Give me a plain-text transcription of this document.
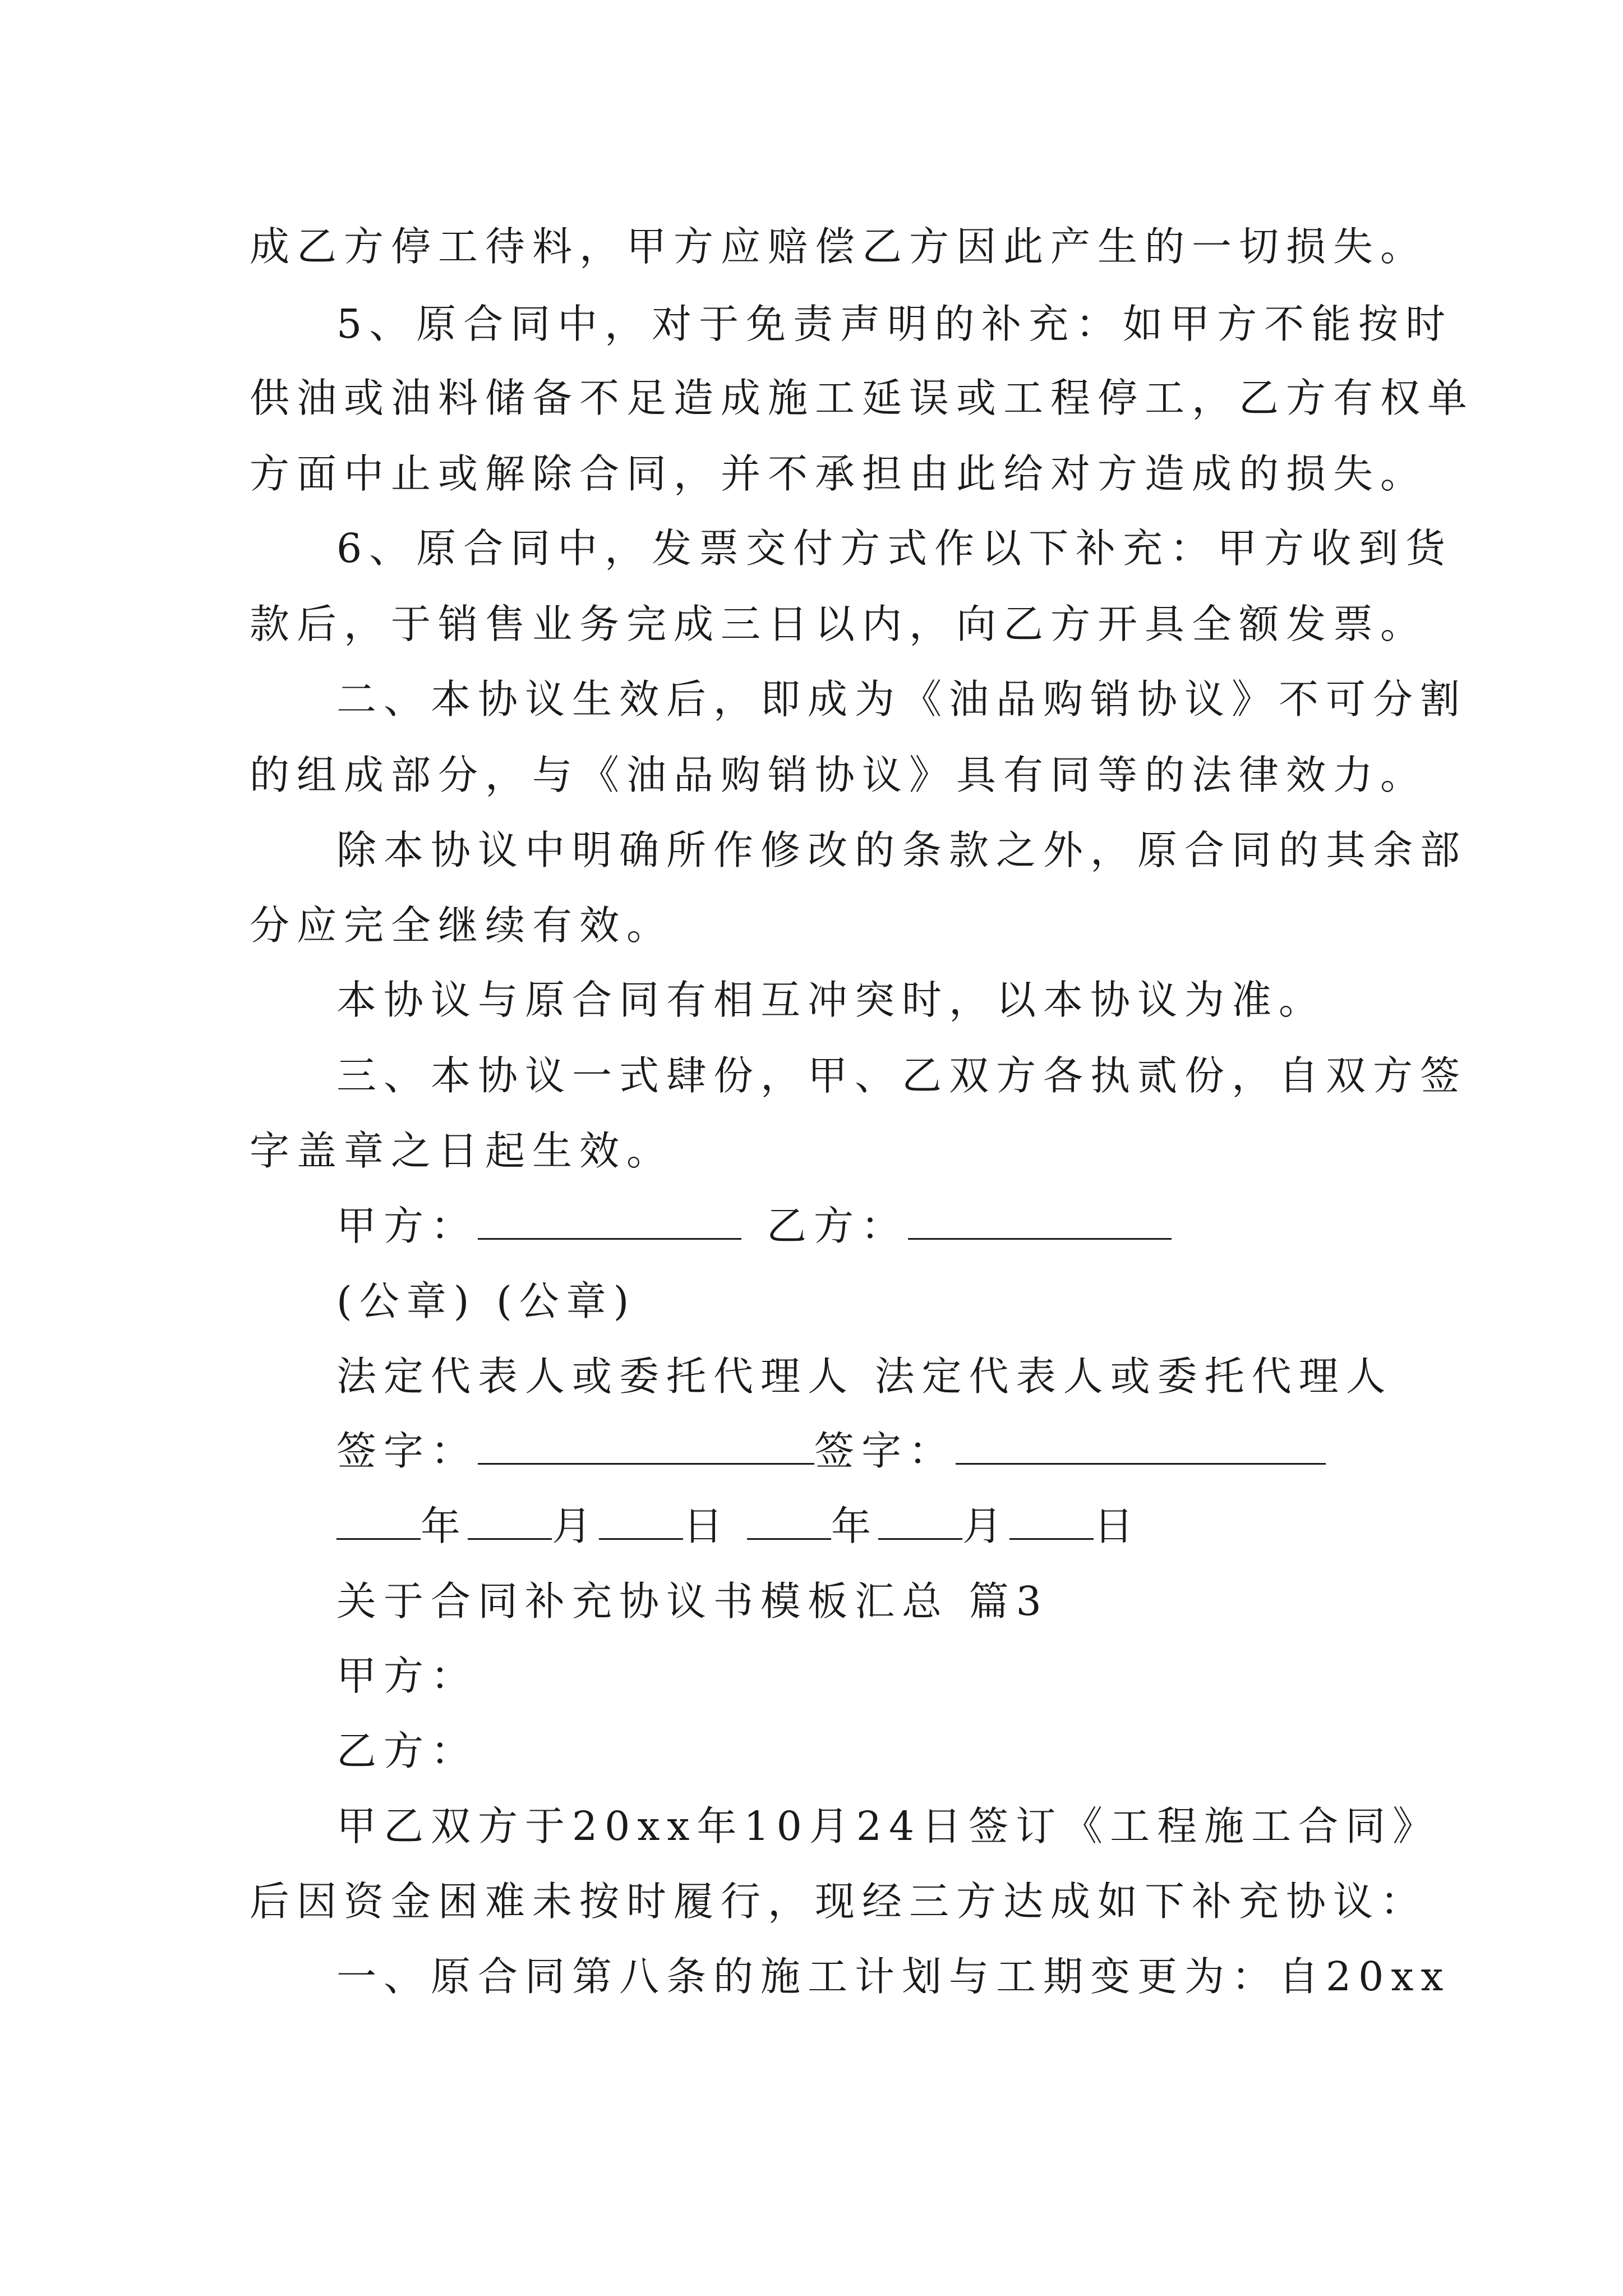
成乙方停工待料，甲方应赔偿乙方因此产生的一切损失。

5、原合同中，对于免责声明的补充：如甲方不能按时

供油或油料储备不足造成施工延误或工程停工，乙方有权单

方面中止或解除合同，并不承担由此给对方造成的损失。

6、原合同中，发票交付方式作以下补充：甲方收到货

款后，于销售业务完成三日以内，向乙方开具全额发票。

二、本协议生效后，即成为《油品购销协议》不可分割

的组成部分，与《油品购销协议》具有同等的法律效力。

除本协议中明确所作修改的条款之外，原合同的其余部

分应完全继续有效。

本协议与原合同有相互冲突时，以本协议为准。

三、本协议一式肆份，甲、乙双方各执贰份，自双方签

字盖章之日起生效。

甲方：	乙方：

(公章) (公章)

法定代表人或委托代理人 法定代表人或委托代理人

签字：	签字：

年 月 日	年 月 日

关于合同补充协议书模板汇总 篇3

甲方：

乙方：

甲乙双方于20xx年10月24日签订《工程施工合同》

后因资金困难未按时履行，现经三方达成如下补充协议：

一、原合同第八条的施工计划与工期变更为：自20xx
